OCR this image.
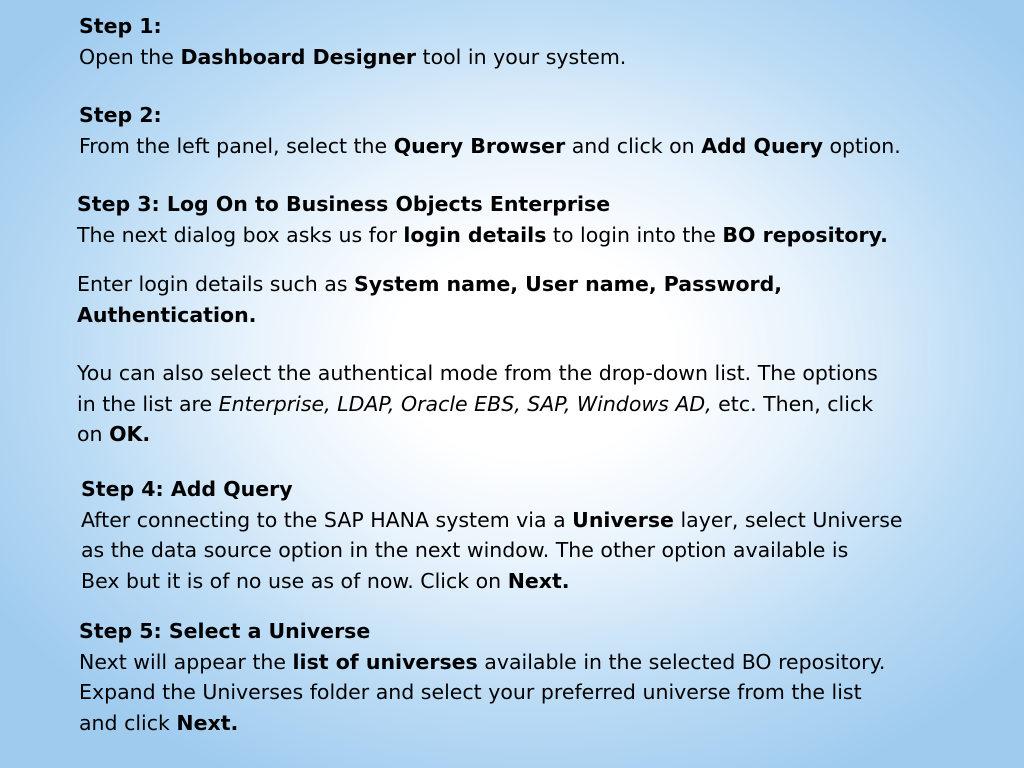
Step 1:
Open the Dashboard Designer tool in your system.
Step 2:
From the left panel, select the Query Browser and click on Add Query option.
Step 3: Log On to Business Objects Enterprise
The next dialog box asks us for login details to login into the BO repository.
Enter login details such as System name, User name, Password,
Authentication.
You can also select the authentical mode from the drop-down list. The options
in the list are Enterprise, LDAP, Oracle EBS, SAP, Windows AD, etc. Then, click
on OK.
Step 4: Add Query
After connecting to the SAP HANA system via a Universe layer, select Universe
as the data source option in the next window. The other option available is
Bex but it is of no use as of now. Click on Next.
Step 5: Select a Universe
Next will appear the list of universes available in the selected BO repository.
Expand the Universes folder and select your preferred universe from the list
and click Next.
